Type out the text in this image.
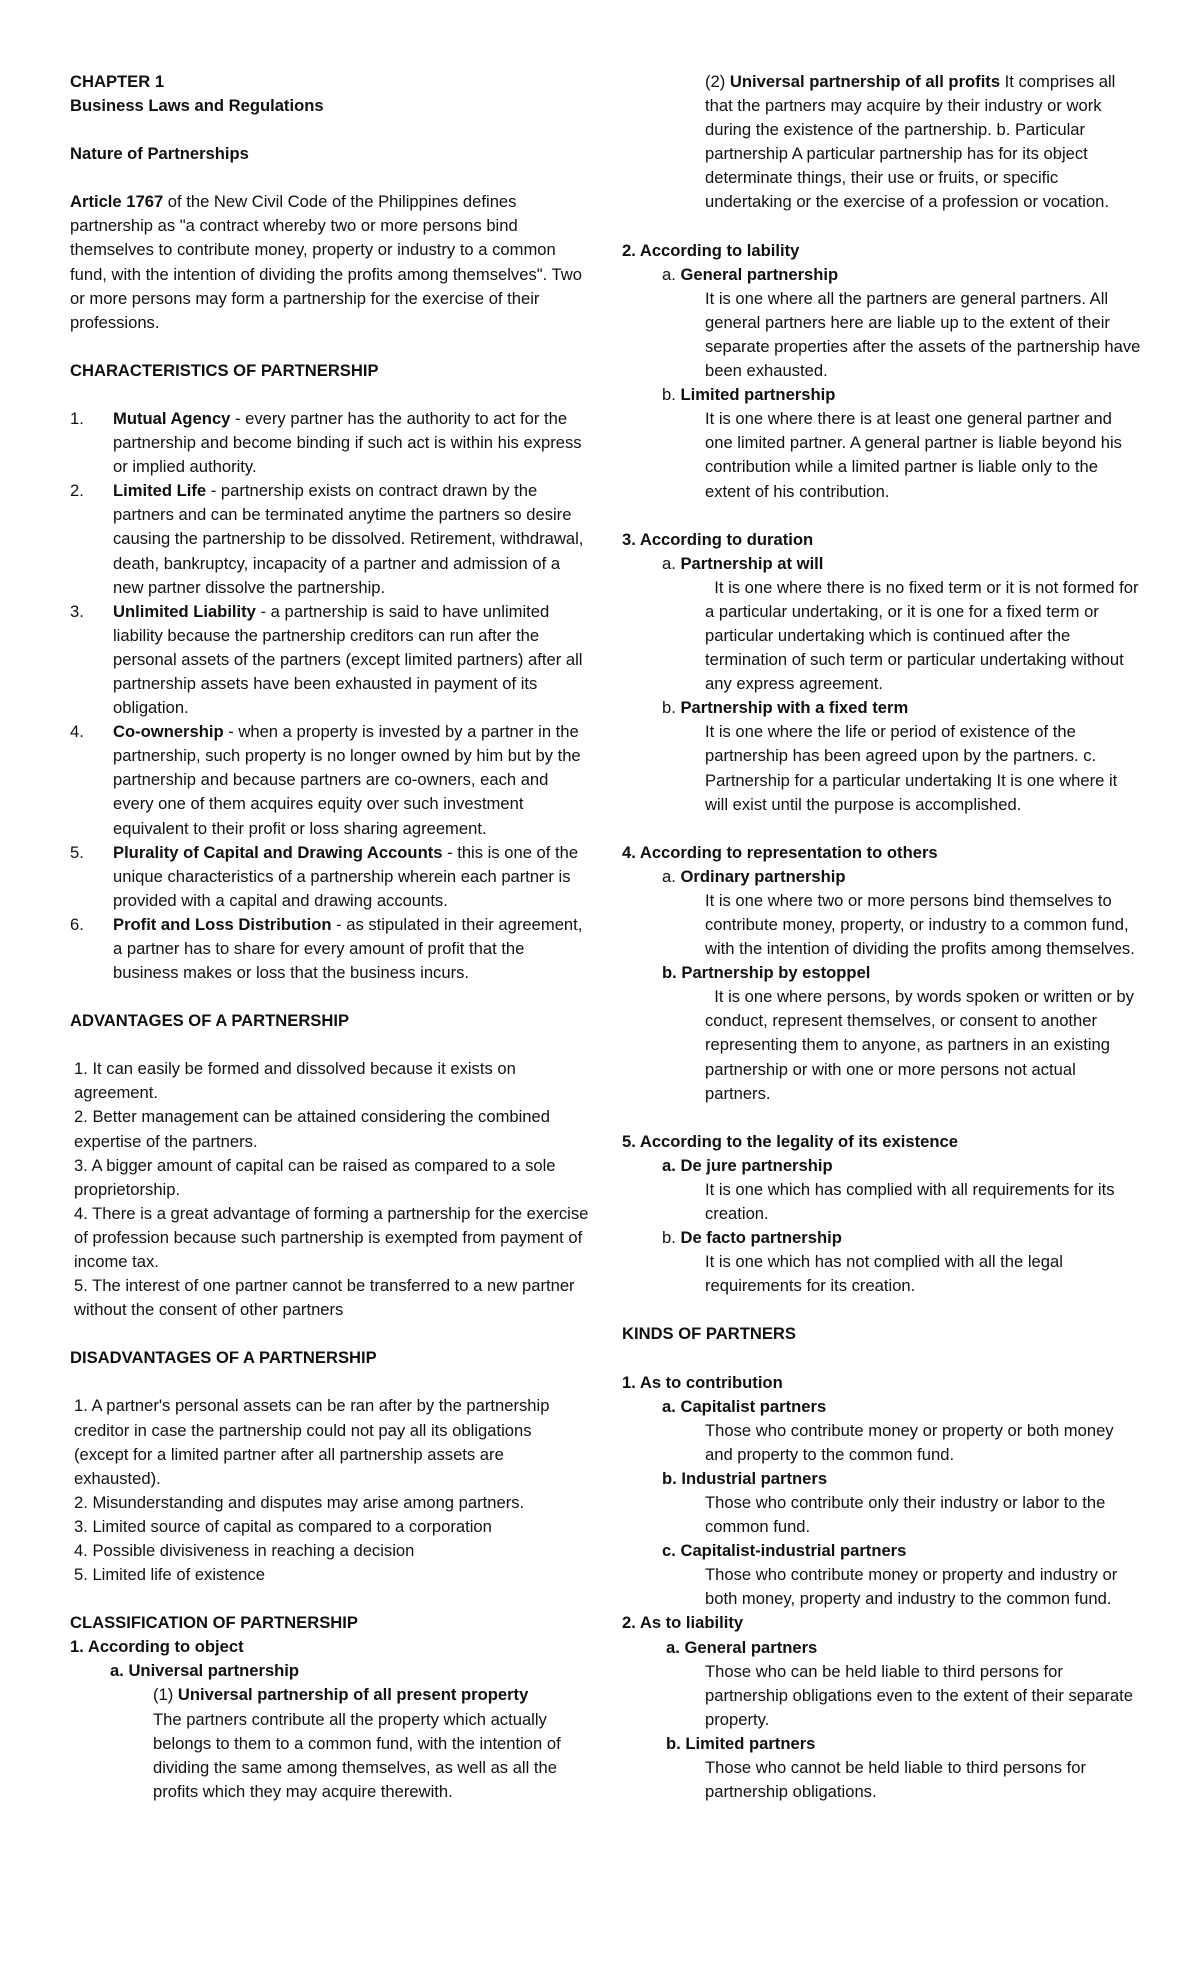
CHAPTER 1

Business Laws and Regulations

Nature of Partnerships

Article 1767 of the New Civil Code of the Philippines defines partnership as "a contract whereby two or more persons bind themselves to contribute money, property or industry to a common fund, with the intention of dividing the profits among themselves". Two or more persons may form a partnership for the exercise of their professions.

CHARACTERISTICS OF PARTNERSHIP

1.	Mutual Agency - every partner has the authority to act for the partnership and become binding if such act is within his express or implied authority.
2.	Limited Life - partnership exists on contract drawn by the partners and can be terminated anytime the partners so desire causing the partnership to be dissolved. Retirement, withdrawal, death, bankruptcy, incapacity of a partner and admission of a new partner dissolve the partnership.
3.	Unlimited Liability - a partnership is said to have unlimited liability because the partnership creditors can run after the personal assets of the partners (except limited partners) after all partnership assets have been exhausted in payment of its obligation.
4.	Co-ownership - when a property is invested by a partner in the partnership, such property is no longer owned by him but by the partnership and because partners are co-owners, each and every one of them acquires equity over such investment equivalent to their profit or loss sharing agreement.
5.	Plurality of Capital and Drawing Accounts - this is one of the unique characteristics of a partnership wherein each partner is provided with a capital and drawing accounts.
6.	Profit and Loss Distribution - as stipulated in their agreement, a partner has to share for every amount of profit that the business makes or loss that the business incurs.

ADVANTAGES OF A PARTNERSHIP

1. It can easily be formed and dissolved because it exists on agreement.

2. Better management can be attained considering the combined expertise of the partners.

3. A bigger amount of capital can be raised as compared to a sole proprietorship.

4. There is a great advantage of forming a partnership for the exercise of profession because such partnership is exempted from payment of income tax.

5. The interest of one partner cannot be transferred to a new partner without the consent of other partners

DISADVANTAGES OF A PARTNERSHIP

1. A partner's personal assets can be ran after by the partnership creditor in case the partnership could not pay all its obligations (except for a limited partner after all partnership assets are exhausted).

2. Misunderstanding and disputes may arise among partners.

3. Limited source of capital as compared to a corporation

4. Possible divisiveness in reaching a decision

5. Limited life of existence

CLASSIFICATION OF PARTNERSHIP

1. According to object

a. Universal partnership

(1) Universal partnership of all present property

The partners contribute all the property which actually belongs to them to a common fund, with the intention of dividing the same among themselves, as well as all the profits which they may acquire therewith.

(2) Universal partnership of all profits It comprises all that the partners may acquire by their industry or work during the existence of the partnership. b. Particular partnership A particular partnership has for its object determinate things, their use or fruits, or specific undertaking or the exercise of a profession or vocation.

2. According to lability

a. General partnership

It is one where all the partners are general partners. All general partners here are liable up to the extent of their separate properties after the assets of the partnership have been exhausted.

b. Limited partnership

It is one where there is at least one general partner and one limited partner. A general partner is liable beyond his contribution while a limited partner is liable only to the extent of his contribution.

3. According to duration

a. Partnership at will

It is one where there is no fixed term or it is not formed for a particular undertaking, or it is one for a fixed term or particular undertaking which is continued after the termination of such term or particular undertaking without any express agreement.

b. Partnership with a fixed term

It is one where the life or period of existence of the partnership has been agreed upon by the partners. c. Partnership for a particular undertaking It is one where it will exist until the purpose is accomplished.

4. According to representation to others

a. Ordinary partnership

It is one where two or more persons bind themselves to contribute money, property, or industry to a common fund, with the intention of dividing the profits among themselves.

b. Partnership by estoppel

It is one where persons, by words spoken or written or by conduct, represent themselves, or consent to another representing them to anyone, as partners in an existing partnership or with one or more persons not actual partners.

5. According to the legality of its existence

a. De jure partnership

It is one which has complied with all requirements for its creation.

b. De facto partnership

It is one which has not complied with all the legal requirements for its creation.

KINDS OF PARTNERS

1. As to contribution

a. Capitalist partners

Those who contribute money or property or both money and property to the common fund.

b. Industrial partners

Those who contribute only their industry or labor to the common fund.

c. Capitalist-industrial partners

Those who contribute money or property and industry or both money, property and industry to the common fund.

2. As to liability

a. General partners

Those who can be held liable to third persons for partnership obligations even to the extent of their separate property.

b. Limited partners

Those who cannot be held liable to third persons for partnership obligations.
